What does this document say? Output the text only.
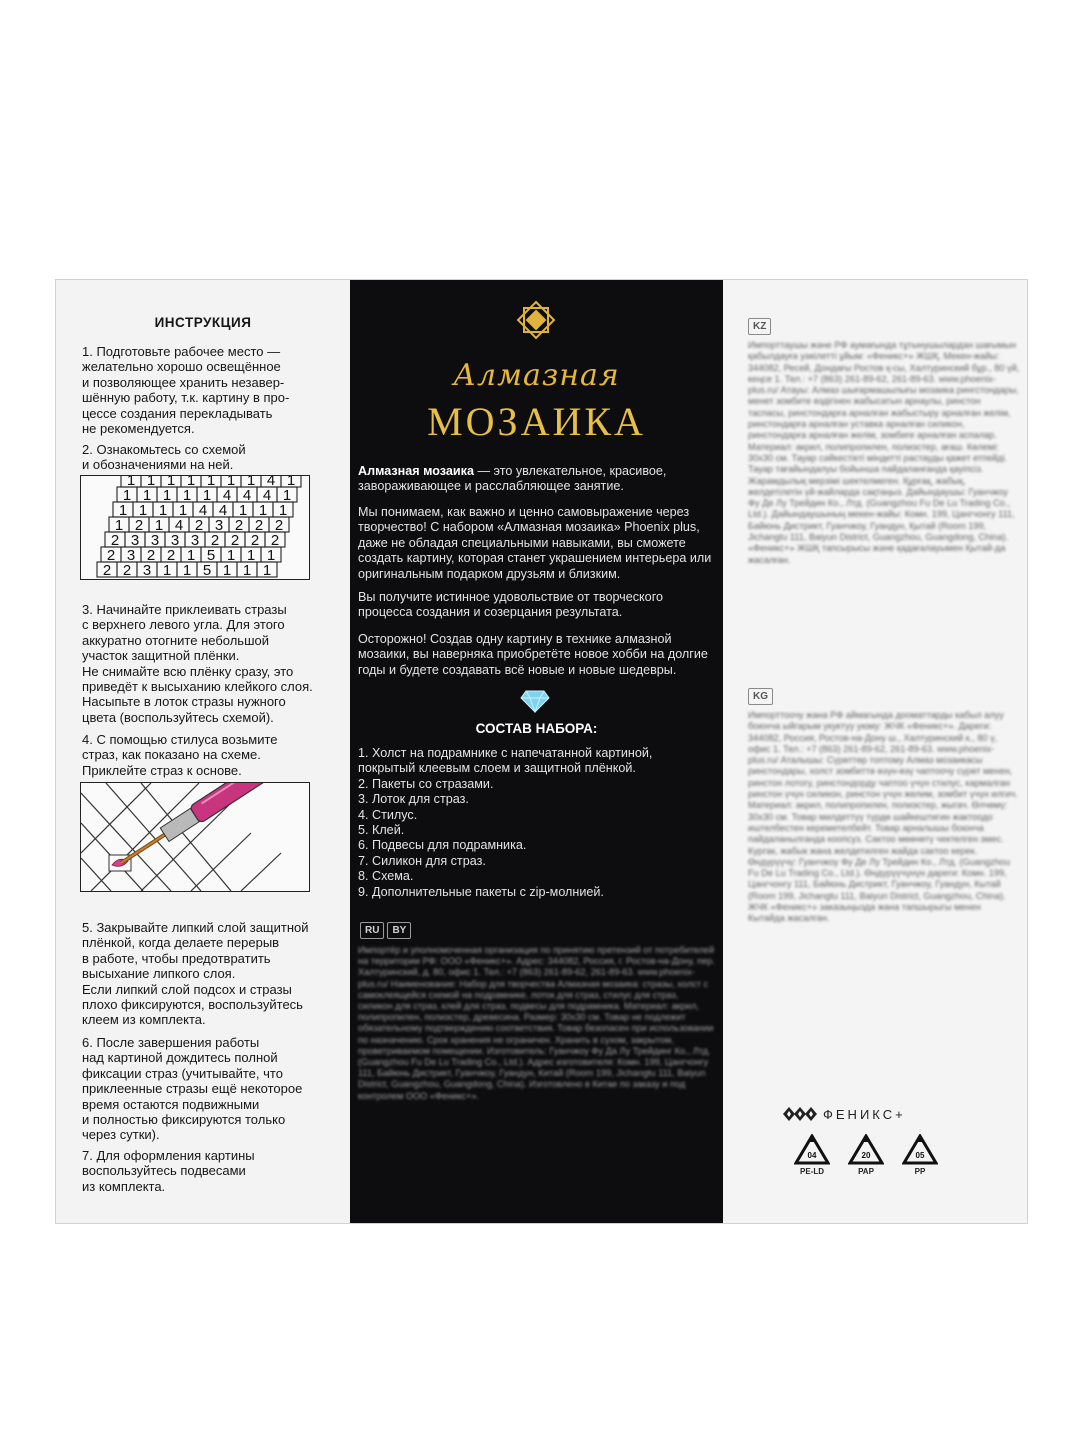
ИНСТРУКЦИЯ
1. Подготовьте рабочее место —
желательно хорошо освещённое
и позволяющее хранить незавер-
шённую работу, т.к. картину в про-
цессе создания перекладывать
не рекомендуется.
2. Ознакомьтесь со схемой
и обозначениями на ней.
1 1 1 1 1 1 1 4 1
1 1 1 1 1 4 4 4 1
1 1 1 1 4 4 1 1 1
1 2 1 4 2 3 2 2 2
2 3 3 3 3 2 2 2 2
2 3 2 2 1 5 1 1 1
2 2 3 1 1 5 1 1 1
3. Начинайте приклеивать стразы
с верхнего левого угла. Для этого
аккуратно отогните небольшой
участок защитной плёнки.
Не снимайте всю плёнку сразу, это
приведёт к высыханию клейкого слоя.
Насыпьте в лоток стразы нужного
цвета (воспользуйтесь схемой).
4. С помощью стилуса возьмите
страз, как показано на схеме.
Приклейте страз к основе.
5. Закрывайте липкий слой защитной
плёнкой, когда делаете перерыв
в работе, чтобы предотвратить
высыхание липкого слоя.
Если липкий слой подсох и стразы
плохо фиксируются, воспользуйтесь
клеем из комплекта.
6. После завершения работы
над картиной дождитесь полной
фиксации страз (учитывайте, что
приклеенные стразы ещё некоторое
время остаются подвижными
и полностью фиксируются только
через сутки).
7. Для оформления картины
воспользуйтесь подвесами
из комплекта.
Алмазная
МОЗАИКА
Алмазная мозаика — это увлекательное, красивое, завораживающее и расслабляющее занятие.
Мы понимаем, как важно и ценно самовыражение через творчество! С набором «Алмазная мозаика» Phoenix plus, даже не обладая специальными навыками, вы сможете создать картину, которая станет украшением интерьера или оригинальным подарком друзьям и близким.
Вы получите истинное удовольствие от творческого процесса создания и созерцания результата.
Осторожно! Создав одну картину в технике алмазной мозаики, вы наверняка приобретёте новое хобби на долгие годы и будете создавать всё новые и новые шедевры.
СОСТАВ НАБОРА:
1. Холст на подрамнике с напечатанной картиной, покрытый клеевым слоем и защитной плёнкой.
2. Пакеты со стразами.
3. Лоток для страз.
4. Стилус.
5. Клей.
6. Подвесы для подрамника.
7. Силикон для страз.
8. Схема.
9. Дополнительные пакеты с zip-молнией.
RU	BY
Импортёр и уполномоченная организация по принятию претензий от потребителей на территории РФ: ООО «Феникс+». Адрес: 344082, Россия, г. Ростов-на-Дону, пер. Халтуринский, д. 80, офис 1. Тел.: +7 (863) 261-89-62, 261-89-63. www.phoenix-plus.ru/ Наименование: Набор для творчества Алмазная мозаика: стразы, холст с самоклеящейся схемой на подрамнике, лоток для страз, стилус для страз, силикон для страз, клей для страз, подвесы для подрамника. Материал: акрил, полипропилен, полиэстер, древесина. Размер: 30х30 см. Товар не подлежит обязательному подтверждению соответствия. Товар безопасен при использовании по назначению. Срок хранения не ограничен. Хранить в сухом, закрытом, проветриваемом помещении. Изготовитель: Гуанчжоу Фу Да Лу Трейдинг Ко., Лтд. (Guangzhou Fu De Lu Trading Co., Ltd.). Адрес изготовителя: Комн. 199, Цангчонгу 111, Байюнь Дистрикт, Гуанчжоу, Гуандун, Китай (Room 199, Jichangtu 111, Baiyun District, Guangzhou, Guangdong, China). Изготовлено в Китае по заказу и под контролем ООО «Феникс+».
KZ
Импорттаушы және РФ аумағында тұтынушылардан шағымын қабылдауға уәкілетті ұйым: «Феникс+» ЖШҚ. Мекен-жайы: 344082, Ресей, Дондағы Ростов қ-сы, Халтуринский бұр., 80 үй, кеңсе 1. Тел.: +7 (863) 261-89-62, 261-89-63. www.phoenix-plus.ru/ Атауы: Алмаз шығармашылығы мозаика рингстондары, менет зомбите өздігінен жабысатын арнаулы, ринстон таспасы, ринстондарға арналған жабыстыру арналған желім, ринстондарға арналған уставка арналған силикон, ринстондарға арналған желім, зомбиге арналған аспалар. Материал: акрил, полипропилен, полиэстер, ағаш. Көлемі: 30х30 см. Тауар сәйкестікті міндетті растауды қажет етпейді. Тауар тағайындалуы бойынша пайдаланғанда қауіпсіз. Жарамдылық мерзімі шектелмеген. Құрғақ, жабық, желдетілетін үй-жайларда сақтаңыз. Дайындаушы: Гуанчжоу Фу Де Лу Трейдин Ко., Лтд. (Guangzhou Fu De Lu Trading Co., Ltd.). Дайындаушының мекен-жайы: Комн. 199, Цангчонгу 111, Байюнь Дистрикт, Гуанчжоу, Гуандун, Қытай (Room 199, Jichangtu 111, Baiyun District, Guangzhou, Guangdong, China). «Феникс+» ЖШҚ тапсырысы және қадағалауымен Қытай-да жасалған.
KG
Импорттоочу жана РФ аймагында дооматтарды кабыл алуу боюнча ыйгарым укуктуу уюму: ЖЧК «Феникс+». Дареги: 344082, Россия, Ростов-на-Дону ш., Халтуринский к., 80 ү, офис 1. Тел.: +7 (863) 261-89-62, 261-89-63. www.phoenix-plus.ru/ Аталышы: Сүрөттөр топтому Алмаз мозаикасы ринстондары, холст зомбиттө өзүн-өзү чаптоочу сүрөт менен, ринстон лотогу, ринстондорду чаптоо үчүн стилус, кармалган ринстон үчүн силикон, ринстон үчүн желим, зомбит үчүн илгич. Материал: акрил, полипропилен, полиэстер, жыгач. Өлчөмү: 30х30 см. Товар милдеттүү түрдө шайкештигин жактоодо иштелбестен кереметелбейт. Товар арналышы боюнча пайдаланылганда коопсуз. Сактоо мөөнөтү чектелген эмес. Кургак, жабык жана желдетилген жайда сактоо керек. Өндүрүүчү: Гуанчжоу Фу Де Лу Трейдин Ко., Лтд. (Guangzhou Fu De Lu Trading Co., Ltd.). Өндүрүүчүнүн дареги: Комн. 199, Цангчонгу 111, Байюнь Дистрикт, Гуанчжоу, Гуандун, Кытай (Room 199, Jichangtu 111, Baiyun District, Guangzhou, China). ЖЧК «Феникс+» заказыңызда жана тапшырыгы менен Кытайда жасалган.
ФЕНИКС+
04
PE-LD
20
PAP
05
PP
